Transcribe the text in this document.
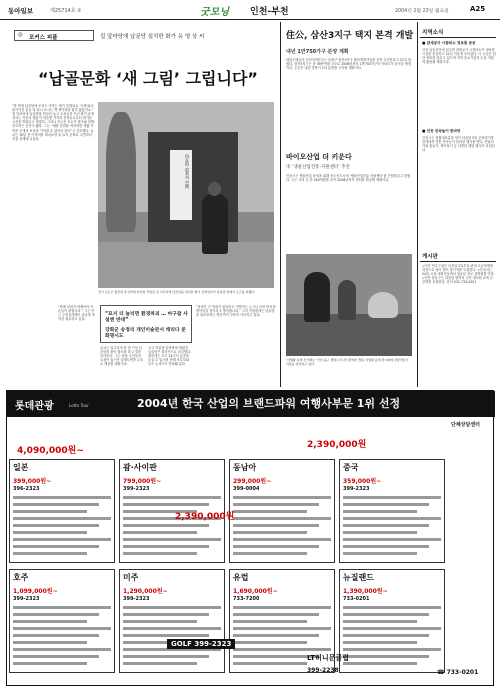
동아일보	제25714호 ②	굿모닝 인천-부천	2004년 2월 23일 월요일	A25
◎ 포커스 피플	집 앞마당에 납골당 설치한 화가 유 영 상 씨
“납골문화 ‘새 그림’ 그립니다”
“한 번에 납골당에 모셔드 리자는 얘기 못했어요. 이제 와서 돌아가신 분들 다 다시 모시는 게 생각처럼 쉽지 않았지요.” 집 앞마당에 납골당을 만들어 놓고 조상들을 모신 화가 유영상씨는 자신의 행동이 처음엔 가족과 친척들로부터 따가운 시선을 받았다고 말했다. 그러나 지금은 모두가 찾아와 함께 추모하는 공간이 됐다. 그는 “매장 문화를 바꾸려면 생활 가까운 곳에서 조상을 기억할 수 있어야 한다”고 강조했다. 유씨는 10년 전 아버지를 떠나보낸 뒤 묘지 문제로 고민하다 직접 설계에 나섰다.
內在的 追求의 空間
경기 김포군 월곶면 용강리에 자신의 작업장 겸 거주지에 납골당을 설치한 화가 유영상씨가 납골당 앞에서 포즈를 취했다.
“묘지 더 늘리면 환경파괴 … 마구잡 사설엔 반대”
강화군 송정리 개인미술관서 캐리다 문화명시도
“장례 문화가 바뀌어야 후손들이 편합니다.” 그는 인근 주민들에게도 납골당 조성을 권유하고 있다.
유씨는 일주일에 한 번 이상 납골당을 찾아 청소를 하고 꽃을 갈아둔다. 그는 마을 주민들의 요청이 있으면 설계도면을 무료로 제공할 계획이다.
고고 작업장 앞마당에 세워진 납골당은 화강석으로 마감했다. 내부에는 모두 24기의 유골을 모실 수 있으며 현재 조부모와 부모 등 6기가 안치돼 있다.
“당장은 큰 변화가 없더라도 언젠가는 누구나 이런 방식을 받아들일 것이라고 생각합니다.” 그의 작업장에는 납골당을 둘러보려는 방문객이 꾸준히 이어지고 있다.
住公, 삼산3지구 택지 본격 개발
내년 1만750가구 분양 계획
대한주택공사 인천지역본부는 부평구 삼산3지구 택지개발사업을 본격 추진한다고 22일 밝혔다. 삼산3지구는 총 49만여평 규모로 2006년까지 1만750가구의 아파트가 들어설 예정이다. 주공은 내년 상반기 1차 분양을 시작할 계획이다.
바이오산업 더 키운다
市 ‘생물산업진흥·지원센터’ 추진
인천시는 생물산업 육성을 위해 송도신도시에 ‘생물산업진흥·지원센터’를 건립한다고 밝혔다. 시는 국비 등 총 450억원을 들여 2006년까지 센터를 완공할 계획이다.
‘야생화 분재 신기해요’ 인천 중구 생명누리 전시장에서 열린 야생화 분재 전시회에 관람객들이 작품을 감상하고 있다.
지역소식
■ 관세공사 시험비소 정보통 준공
인천 남동공단에 입주한 관세공사 시험비소가 정보통 시설을 준공하고 22일 가동에 들어갔다. 이 시설은 첨단 장비를 갖추고 있으며 지역 중소기업의 수출 지원에 활용될 예정이다.
■ 인천 민속놀이 한마당
인천시는 정월대보름을 맞아 다음달 5일 문학경기장 일대에서 전통 민속놀이 한마당 행사를 연다. 연날리기와 윷놀이, 제기차기 등 다양한 체험 행사가 마련된다.
게시판
▽인천 연수구청은 다음달 2일부터 관내 초등학생을 대상으로 영어 캠프 참가자를 모집한다. ▽부천시는 24일 시청 대회의실에서 청소년 진로 설명회를 연다. ▽인천 남동구는 다음달 말까지 주민 정보화 교육 수강생을 모집한다. 문의 032-733-0201
롯데관광	Lotte Tour	2004년 한국 산업의 브랜드파워 여행사부문 1위 선정
단체상담센터
일본
399,000원~
396-2323
괌·사이판
799,000원~
399-2323
동남아
299,000원~
399-0004
중국
359,000원~
399-2323
호주
1,099,000원~
399-2323
미주
1,290,000원~
399-2323
유럽
1,690,000원~
733-7200
뉴질랜드
1,390,000원~
733-0201
4,090,000원~
2,390,000원
2,390,000원
GOLF 399-2323
☎ 733-0201
LT허니문클럽
399-2238
